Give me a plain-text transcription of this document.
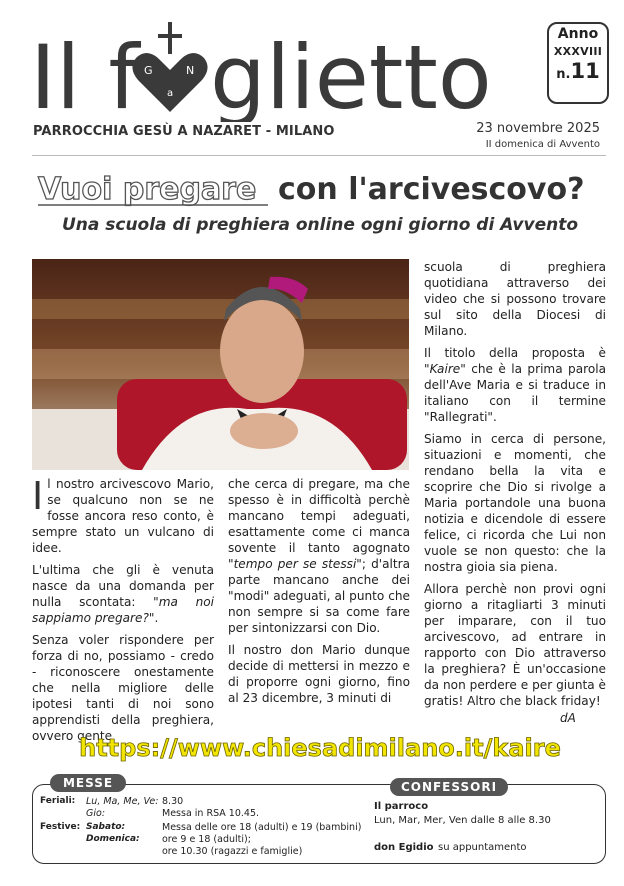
Il f G	N
a glietto
PARROCCHIA GESÙ A NAZARET - MILANO	23 novembre 2025
II domenica di Avvento
Anno
XXXVIII
n.11
Vuoi pregare con l'arcivescovo?
Una scuola di preghiera online ogni giorno di Avvento

Il nostro arcivescovo Mario, se qualcuno non se ne fosse ancora reso conto, è sempre stato un vulcano di idee.

L'ultima che gli è venuta nasce da una domanda per nulla scontata: "ma noi sappiamo pregare?".

Senza voler rispondere per forza di no, possiamo - credo - riconoscere onestamente che nella migliore delle ipotesi tanti di noi sono apprendisti della preghiera, ovvero gente

che cerca di pregare, ma che spesso è in difficoltà perchè mancano tempi adeguati, esattamente come ci manca sovente il tanto agognato "tempo per se stessi"; d'altra parte mancano anche dei "modi" adeguati, al punto che non sempre si sa come fare per sintonizzarsi con Dio.

Il nostro don Mario dunque decide di mettersi in mezzo e di proporre ogni giorno, fino al 23 dicembre, 3 minuti di

scuola di preghiera quotidiana attraverso dei video che si possono trovare sul sito della Diocesi di Milano.

Il titolo della proposta è "Kaire" che è la prima parola dell'Ave Maria e si traduce in italiano con il termine "Rallegrati".

Siamo in cerca di persone, situazioni e momenti, che rendano bella la vita e scoprire che Dio si rivolge a Maria portandole una buona notizia e dicendole di essere felice, ci ricorda che Lui non vuole se non questo: che la nostra gioia sia piena.

Allora perchè non provi ogni giorno a ritagliarti 3 minuti per imparare, con il tuo arcivescovo, ad entrare in rapporto con Dio attraverso la preghiera? È un'occasione da non perdere e per giunta è gratis! Altro che black friday!

dA
https://www.chiesadimilano.it/kaire
MESSE	CONFESSORI
Feriali: Lu, Ma, Me, Ve: 8.30
Gio:	Messa in RSA 10.45.
Festive: Sabato:	Messa delle ore 18 (adulti) e 19 (bambini)
Domenica: ore 9 e 18 (adulti);
ore 10.30 (ragazzi e famiglie)
Il parroco
Lun, Mar, Mer, Ven dalle 8 alle 8.30
don Egidio su appuntamento
